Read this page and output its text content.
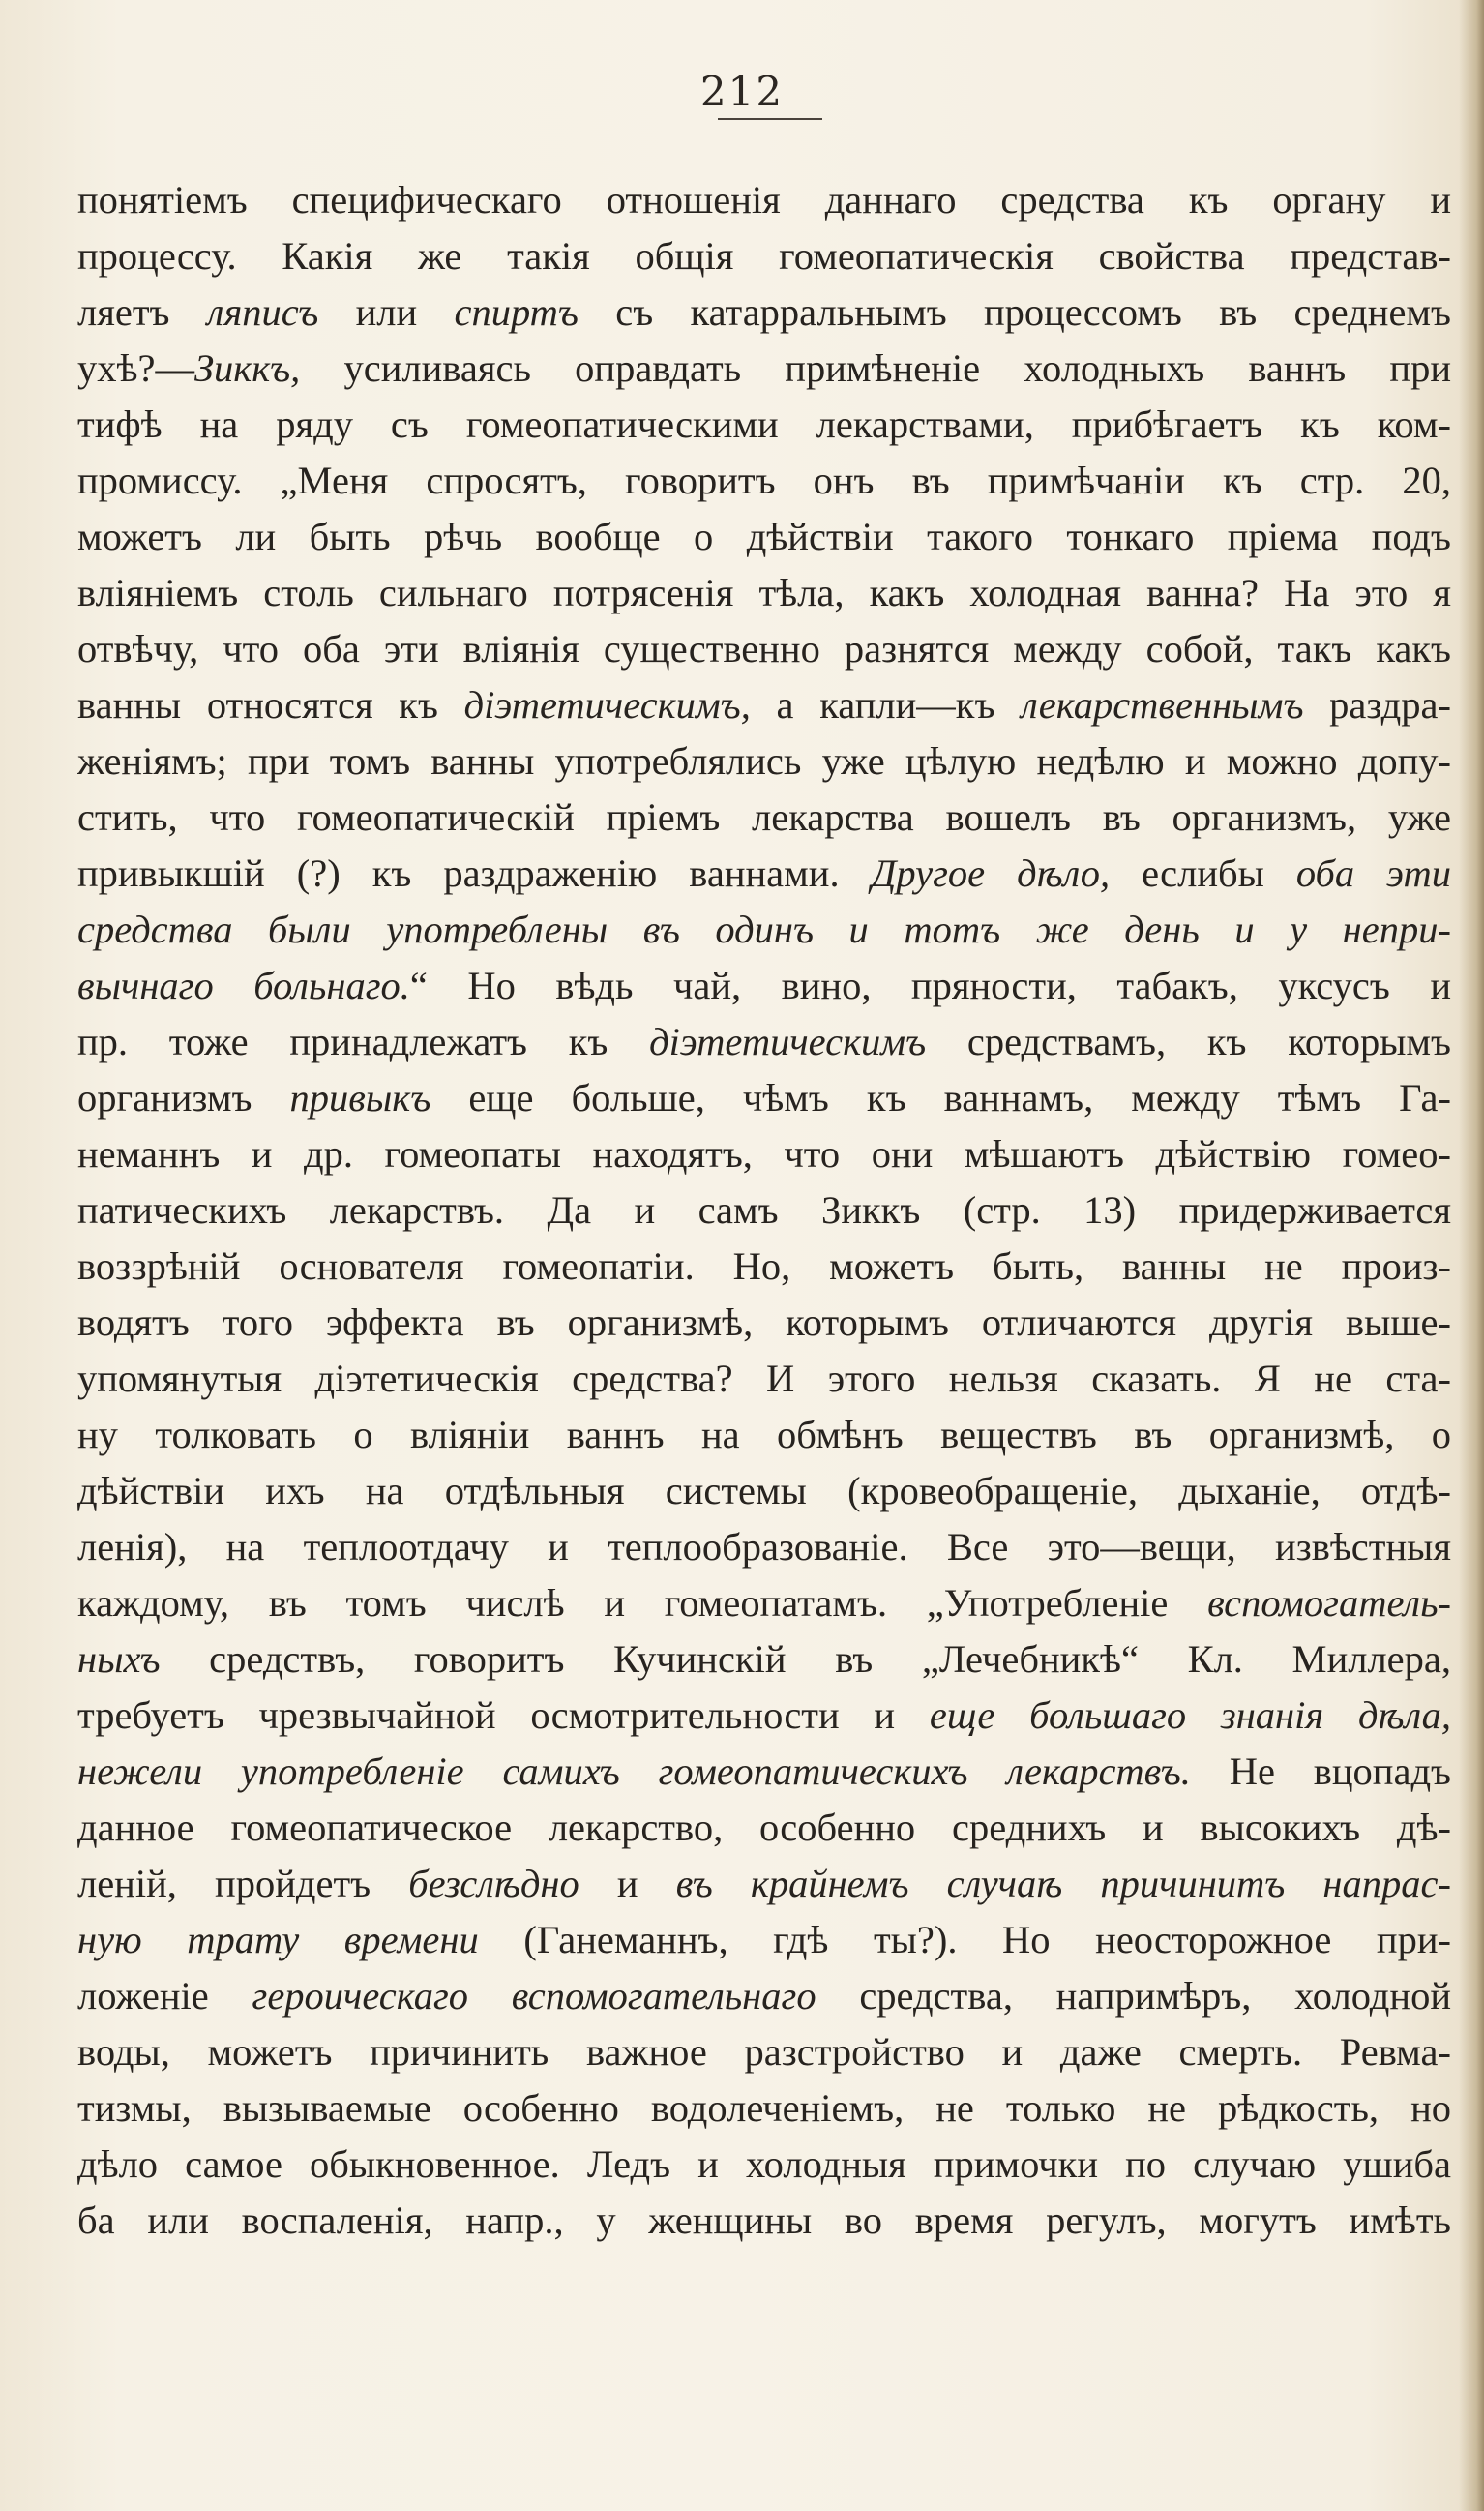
212
понятіемъ специфическаго отношенія даннаго средства къ органу и
процессу. Какія же такія общія гомеопатическія свойства представ-
ляетъ ляписъ или спиртъ съ катарральнымъ процессомъ въ среднемъ
ухѣ?—Зиккъ, усиливаясь оправдать примѣненіе холодныхъ ваннъ при
тифѣ на ряду съ гомеопатическими лекарствами, прибѣгаетъ къ ком-
промиссу. „Меня спросятъ, говоритъ онъ въ примѣчаніи къ стр. 20,
можетъ ли быть рѣчь вообще о дѣйствіи такого тонкаго пріема подъ
вліяніемъ столь сильнаго потрясенія тѣла, какъ холодная ванна? На это я
отвѣчу, что оба эти вліянія существенно разнятся между собой, такъ какъ
ванны относятся къ діэтетическимъ, а капли—къ лекарственнымъ раздра-
женіямъ; при томъ ванны употреблялись уже цѣлую недѣлю и можно допу-
стить, что гомеопатическій пріемъ лекарства вошелъ въ организмъ, уже
привыкшій (?) къ раздраженію ваннами. Другое дѣло, еслибы оба эти
средства были употреблены въ одинъ и тотъ же день и у непри-
вычнаго больнаго.“ Но вѣдь чай, вино, пряности, табакъ, уксусъ и
пр. тоже принадлежатъ къ діэтетическимъ средствамъ, къ которымъ
организмъ привыкъ еще больше, чѣмъ къ ваннамъ, между тѣмъ Га-
неманнъ и др. гомеопаты находятъ, что они мѣшаютъ дѣйствію гомео-
патическихъ лекарствъ. Да и самъ Зиккъ (стр. 13) придерживается
воззрѣній основателя гомеопатіи. Но, можетъ быть, ванны не произ-
водятъ того эффекта въ организмѣ, которымъ отличаются другія выше-
упомянутыя діэтетическія средства? И этого нельзя сказать. Я не ста-
ну толковать о вліяніи ваннъ на обмѣнъ веществъ въ организмѣ, о
дѣйствіи ихъ на отдѣльныя системы (кровеобращеніе, дыханіе, отдѣ-
ленія), на теплоотдачу и теплообразованіе. Все это—вещи, извѣстныя
каждому, въ томъ числѣ и гомеопатамъ. „Употребленіе вспомогатель-
ныхъ средствъ, говоритъ Кучинскій въ „Лечебникѣ“ Кл. Миллера,
требуетъ чрезвычайной осмотрительности и еще большаго знанія дѣла,
нежели употребленіе самихъ гомеопатическихъ лекарствъ. Не вцопадъ
данное гомеопатическое лекарство, особенно среднихъ и высокихъ дѣ-
леній, пройдетъ безслѣдно и въ крайнемъ случаѣ причинитъ напрас-
ную трату времени (Ганеманнъ, гдѣ ты?). Но неосторожное при-
ложеніе героическаго вспомогательнаго средства, напримѣръ, холодной
воды, можетъ причинить важное разстройство и даже смерть. Ревма-
тизмы, вызываемые особенно водолеченіемъ, не только не рѣдкость, но
дѣло самое обыкновенное. Ледъ и холодныя примочки по случаю ушиба
ба или воспаленія, напр., у женщины во время регулъ, могутъ имѣть
